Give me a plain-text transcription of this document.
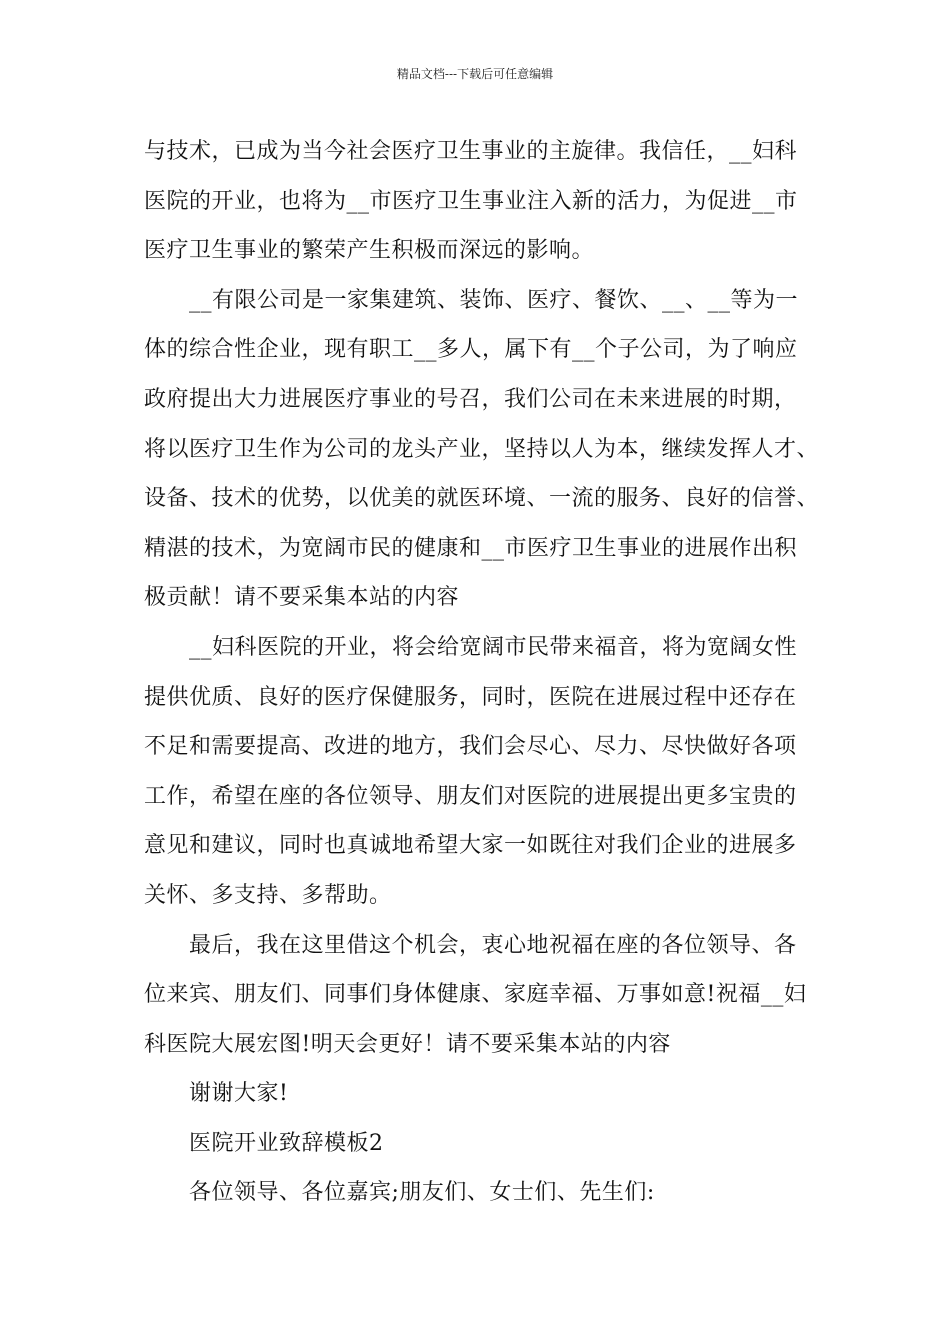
精品文档---下载后可任意编辑
与技术，已成为当今社会医疗卫生事业的主旋律。我信任，__妇科
医院的开业，也将为__市医疗卫生事业注入新的活力，为促进__市
医疗卫生事业的繁荣产生积极而深远的影响。
__有限公司是一家集建筑、装饰、医疗、餐饮、__、__等为一
体的综合性企业，现有职工__多人，属下有__个子公司，为了响应
政府提出大力进展医疗事业的号召，我们公司在未来进展的时期，
将以医疗卫生作为公司的龙头产业，坚持以人为本，继续发挥人才、
设备、技术的优势，以优美的就医环境、一流的服务、良好的信誉、
精湛的技术，为宽阔市民的健康和__市医疗卫生事业的进展作出积
极贡献！请不要采集本站的内容
__妇科医院的开业，将会给宽阔市民带来福音，将为宽阔女性
提供优质、良好的医疗保健服务，同时，医院在进展过程中还存在
不足和需要提高、改进的地方，我们会尽心、尽力、尽快做好各项
工作，希望在座的各位领导、朋友们对医院的进展提出更多宝贵的
意见和建议，同时也真诚地希望大家一如既往对我们企业的进展多
关怀、多支持、多帮助。
最后，我在这里借这个机会，衷心地祝福在座的各位领导、各
位来宾、朋友们、同事们身体健康、家庭幸福、万事如意!祝福__妇
科医院大展宏图!明天会更好！请不要采集本站的内容
谢谢大家!
医院开业致辞模板2
各位领导、各位嘉宾;朋友们、女士们、先生们:
